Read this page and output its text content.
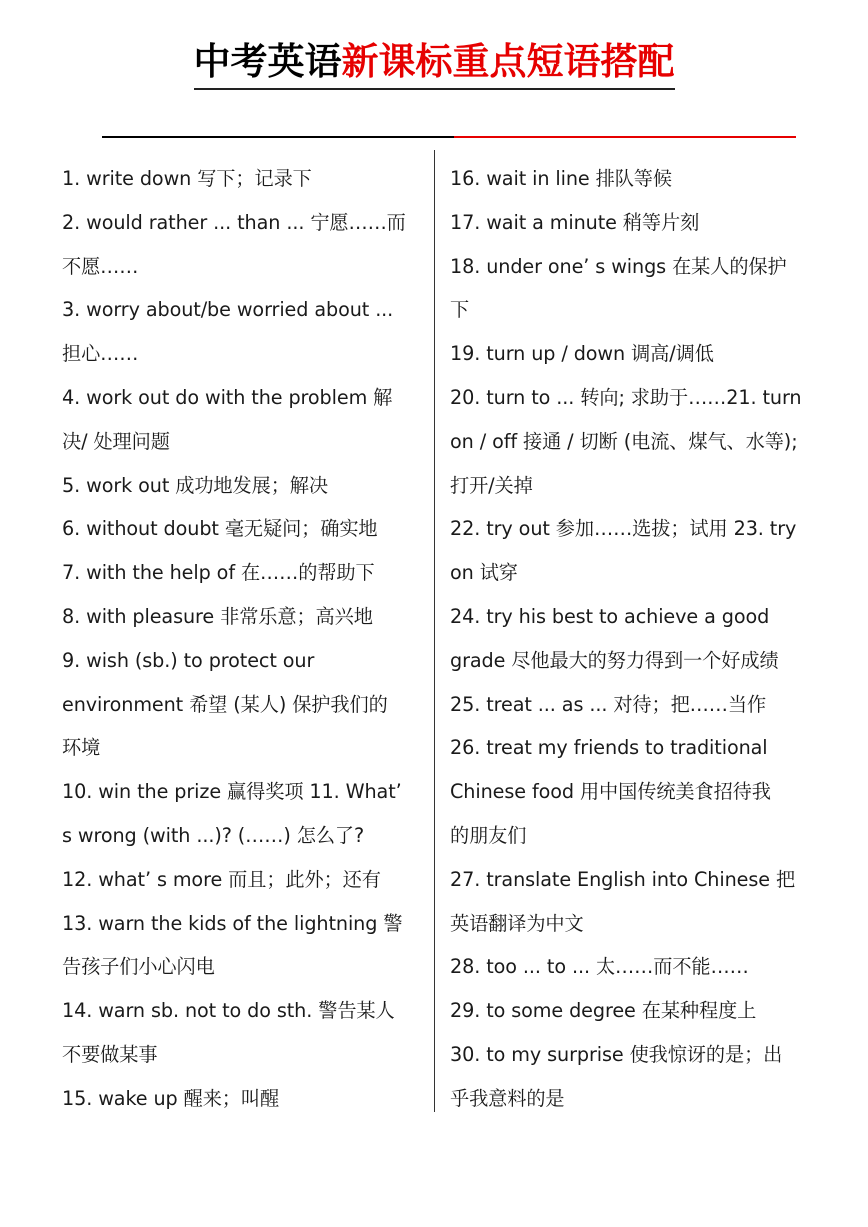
中考英语新课标重点短语搭配
1. write down 写下；记录下
2. would rather ... than ... 宁愿……而
不愿……
3. worry about/be worried about ...
担心……
4. work out do with the problem 解
决/ 处理问题
5. work out 成功地发展；解决
6. without doubt 毫无疑问；确实地
7. with the help of 在……的帮助下
8. with pleasure 非常乐意；高兴地
9. wish (sb.) to protect our
environment 希望 (某人) 保护我们的
环境
10. win the prize 赢得奖项 11. What’
s wrong (with ...)? (……) 怎么了?
12. what’ s more 而且；此外；还有
13. warn the kids of the lightning 警
告孩子们小心闪电
14. warn sb. not to do sth. 警告某人
不要做某事
15. wake up 醒来；叫醒
16. wait in line 排队等候
17. wait a minute 稍等片刻
18. under one’ s wings 在某人的保护
下
19. turn up / down 调高/调低
20. turn to ... 转向; 求助于……21. turn
on / off 接通 / 切断 (电流、煤气、水等);
打开/关掉
22. try out 参加……选拔；试用 23. try
on 试穿
24. try his best to achieve a good
grade 尽他最大的努力得到一个好成绩
25. treat ... as ... 对待；把……当作
26. treat my friends to traditional
Chinese food 用中国传统美食招待我
的朋友们
27. translate English into Chinese 把
英语翻译为中文
28. too ... to ... 太……而不能……
29. to some degree 在某种程度上
30. to my surprise 使我惊讶的是；出
乎我意料的是
